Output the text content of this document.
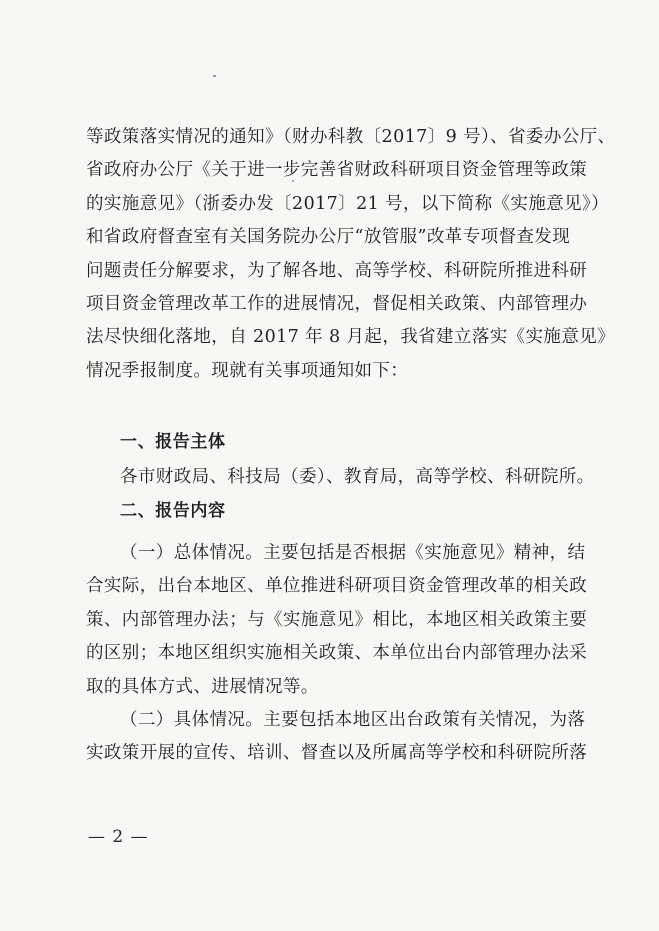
等政策落实情况的通知》（财办科教〔2017〕9 号）、省委办公厅、
省政府办公厅《关于进一步完善省财政科研项目资金管理等政策
的实施意见》（浙委办发〔2017〕21 号，以下简称《实施意见》）
和省政府督查室有关国务院办公厅“放管服”改革专项督查发现
问题责任分解要求，为了解各地、高等学校、科研院所推进科研
项目资金管理改革工作的进展情况，督促相关政策、内部管理办
法尽快细化落地，自 2017 年 8 月起，我省建立落实《实施意见》
情况季报制度。现就有关事项通知如下：
一、报告主体

各市财政局、科技局（委）、教育局，高等学校、科研院所。

二、报告内容
（一）总体情况。主要包括是否根据《实施意见》精神，结
合实际，出台本地区、单位推进科研项目资金管理改革的相关政
策、内部管理办法；与《实施意见》相比，本地区相关政策主要
的区别；本地区组织实施相关政策、本单位出台内部管理办法采
取的具体方式、进展情况等。
（二）具体情况。主要包括本地区出台政策有关情况，为落
实政策开展的宣传、培训、督查以及所属高等学校和科研院所落
— 2 —
